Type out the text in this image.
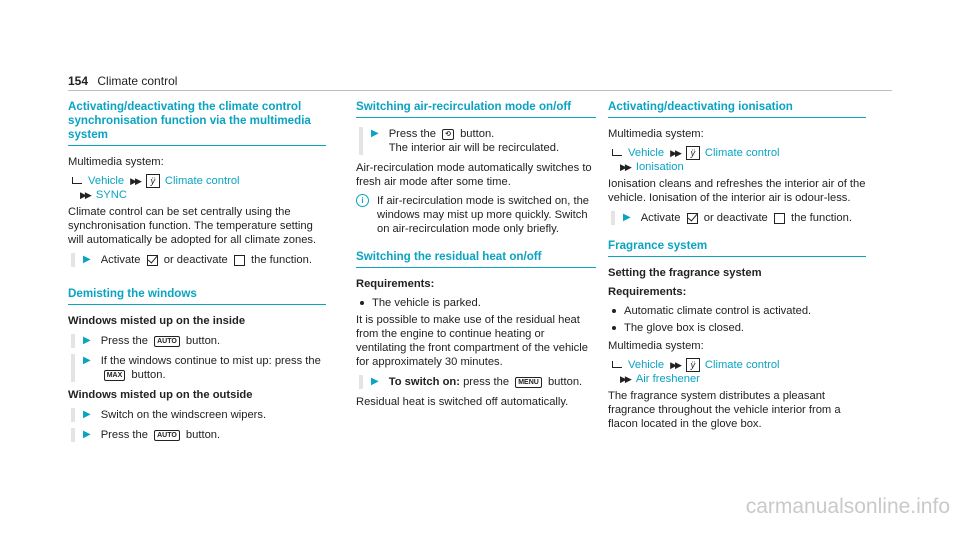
154 Climate control
Activating/deactivating the climate control synchronisation function via the multimedia system

Multimedia system:

Vehicle ▶▶	ÿ Climate control
▶▶ SYNC

Climate control can be set centrally using the synchronisation function. The temperature setting will automatically be adopted for all climate zones.

▶ Activate or deactivate the function.
Demisting the windows
Windows misted up on the inside
▶ Press the AUTO button.
▶ If the windows continue to mist up: press the MAX button.
Windows misted up on the outside
▶ Switch on the windscreen wipers.
▶ Press the AUTO button.
Switching air-recirculation mode on/off
▶ Press the ⟲ button.
The interior air will be recirculated.

Air-recirculation mode automatically switches to fresh air mode after some time.

i	If air-recirculation mode is switched on, the windows may mist up more quickly. Switch on air-recirculation mode only briefly.
Switching the residual heat on/off
Requirements:
The vehicle is parked.

It is possible to make use of the residual heat from the engine to continue heating or ventilating the front compartment of the vehicle for approximately 30 minutes.

▶ To switch on: press the MENU button.

Residual heat is switched off automatically.

Activating/deactivating ionisation

Multimedia system:

Vehicle ▶▶	ÿ Climate control
▶▶ Ionisation

Ionisation cleans and refreshes the interior air of the vehicle. Ionisation of the interior air is odour-less.

▶ Activate or deactivate the function.
Fragrance system
Setting the fragrance system
Requirements:
Automatic climate control is activated.
The glove box is closed.

Multimedia system:

Vehicle ▶▶	ÿ Climate control
▶▶ Air freshener

The fragrance system distributes a pleasant fragrance throughout the vehicle interior from a flacon located in the glove box.

carmanualsonline.info
